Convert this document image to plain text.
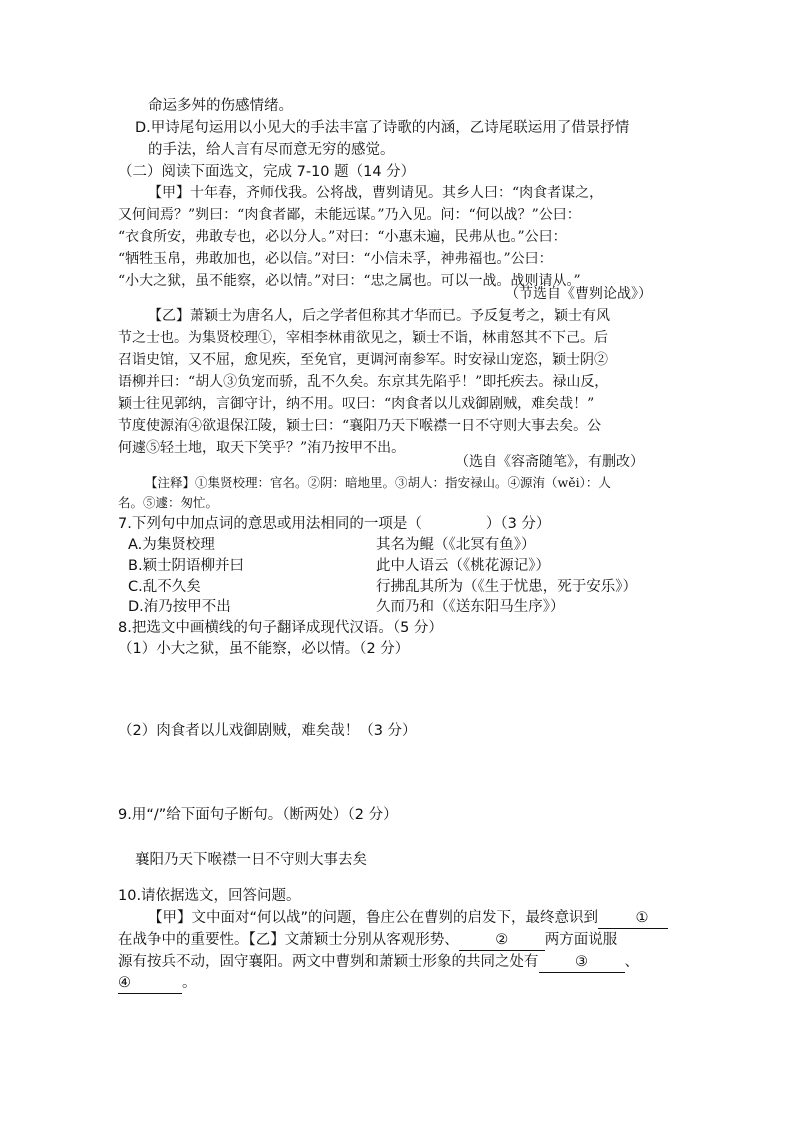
命运多舛的伤感情绪。
D.甲诗尾句运用以小见大的手法丰富了诗歌的内涵，乙诗尾联运用了借景抒情
的手法，给人言有尽而意无穷的感觉。
（二）阅读下面选文，完成 7-10 题（14 分）
【甲】十年春，齐师伐我。公将战，曹刿请见。其乡人曰：“肉食者谋之，
又何间焉？”刿曰：“肉食者鄙，未能远谋。”乃入见。问：“何以战？”公曰：
“衣食所安，弗敢专也，必以分人。”对曰：“小惠未遍，民弗从也。”公曰：
“牺牲玉帛，弗敢加也，必以信。”对曰：“小信未孚，神弗福也。”公曰：
“小大之狱，虽不能察，必以情。”对曰：“忠之属也。可以一战。战则请从。”
（节选自《曹刿论战》）
【乙】萧颖士为唐名人，后之学者但称其才华而已。予反复考之，颖士有风
节之士也。为集贤校理①，宰相李林甫欲见之，颖士不诣，林甫怒其不下己。后
召诣史馆，又不屈，愈见疾，至免官，更调河南参军。时安禄山宠恣，颖士阴②
语柳并曰：“胡人③负宠而骄，乱不久矣。东京其先陷乎！”即托疾去。禄山反，
颖士往见郭纳，言御守计，纳不用。叹曰：“肉食者以儿戏御剧贼，难矣哉！”
节度使源洧④欲退保江陵，颖士曰：“襄阳乃天下喉襟一日不守则大事去矣。公
何遽⑤轻土地，取天下笑乎？”洧乃按甲不出。
（选自《容斋随笔》，有删改）
【注释】①集贤校理：官名。②阴：暗地里。③胡人：指安禄山。④源洧（wěi）：人
名。⑤遽：匆忙。
7.下列句中加点词的意思或用法相同的一项是（	）（3 分）
A.为集贤校理	其名为鲲（《北冥有鱼》）
B.颖士阴语柳并曰	此中人语云（《桃花源记》）
C.乱不久矣	行拂乱其所为（《生于忧患，死于安乐》）
D.洧乃按甲不出	久而乃和（《送东阳马生序》）
8.把选文中画横线的句子翻译成现代汉语。（5 分）
（1）小大之狱，虽不能察，必以情。（2 分）
（2）肉食者以儿戏御剧贼，难矣哉！（3 分）
9.用“/”给下面句子断句。（断两处）（2 分）
襄阳乃天下喉襟一日不守则大事去矣
10.请依据选文，回答问题。
【甲】文中面对“何以战”的问题，鲁庄公在曹刿的启发下，最终意识到	①
在战争中的重要性。【乙】文萧颖士分别从客观形势、	②	两方面说服
源有按兵不动，固守襄阳。两文中曹刿和萧颖士形象的共同之处有	③	、
④	。
